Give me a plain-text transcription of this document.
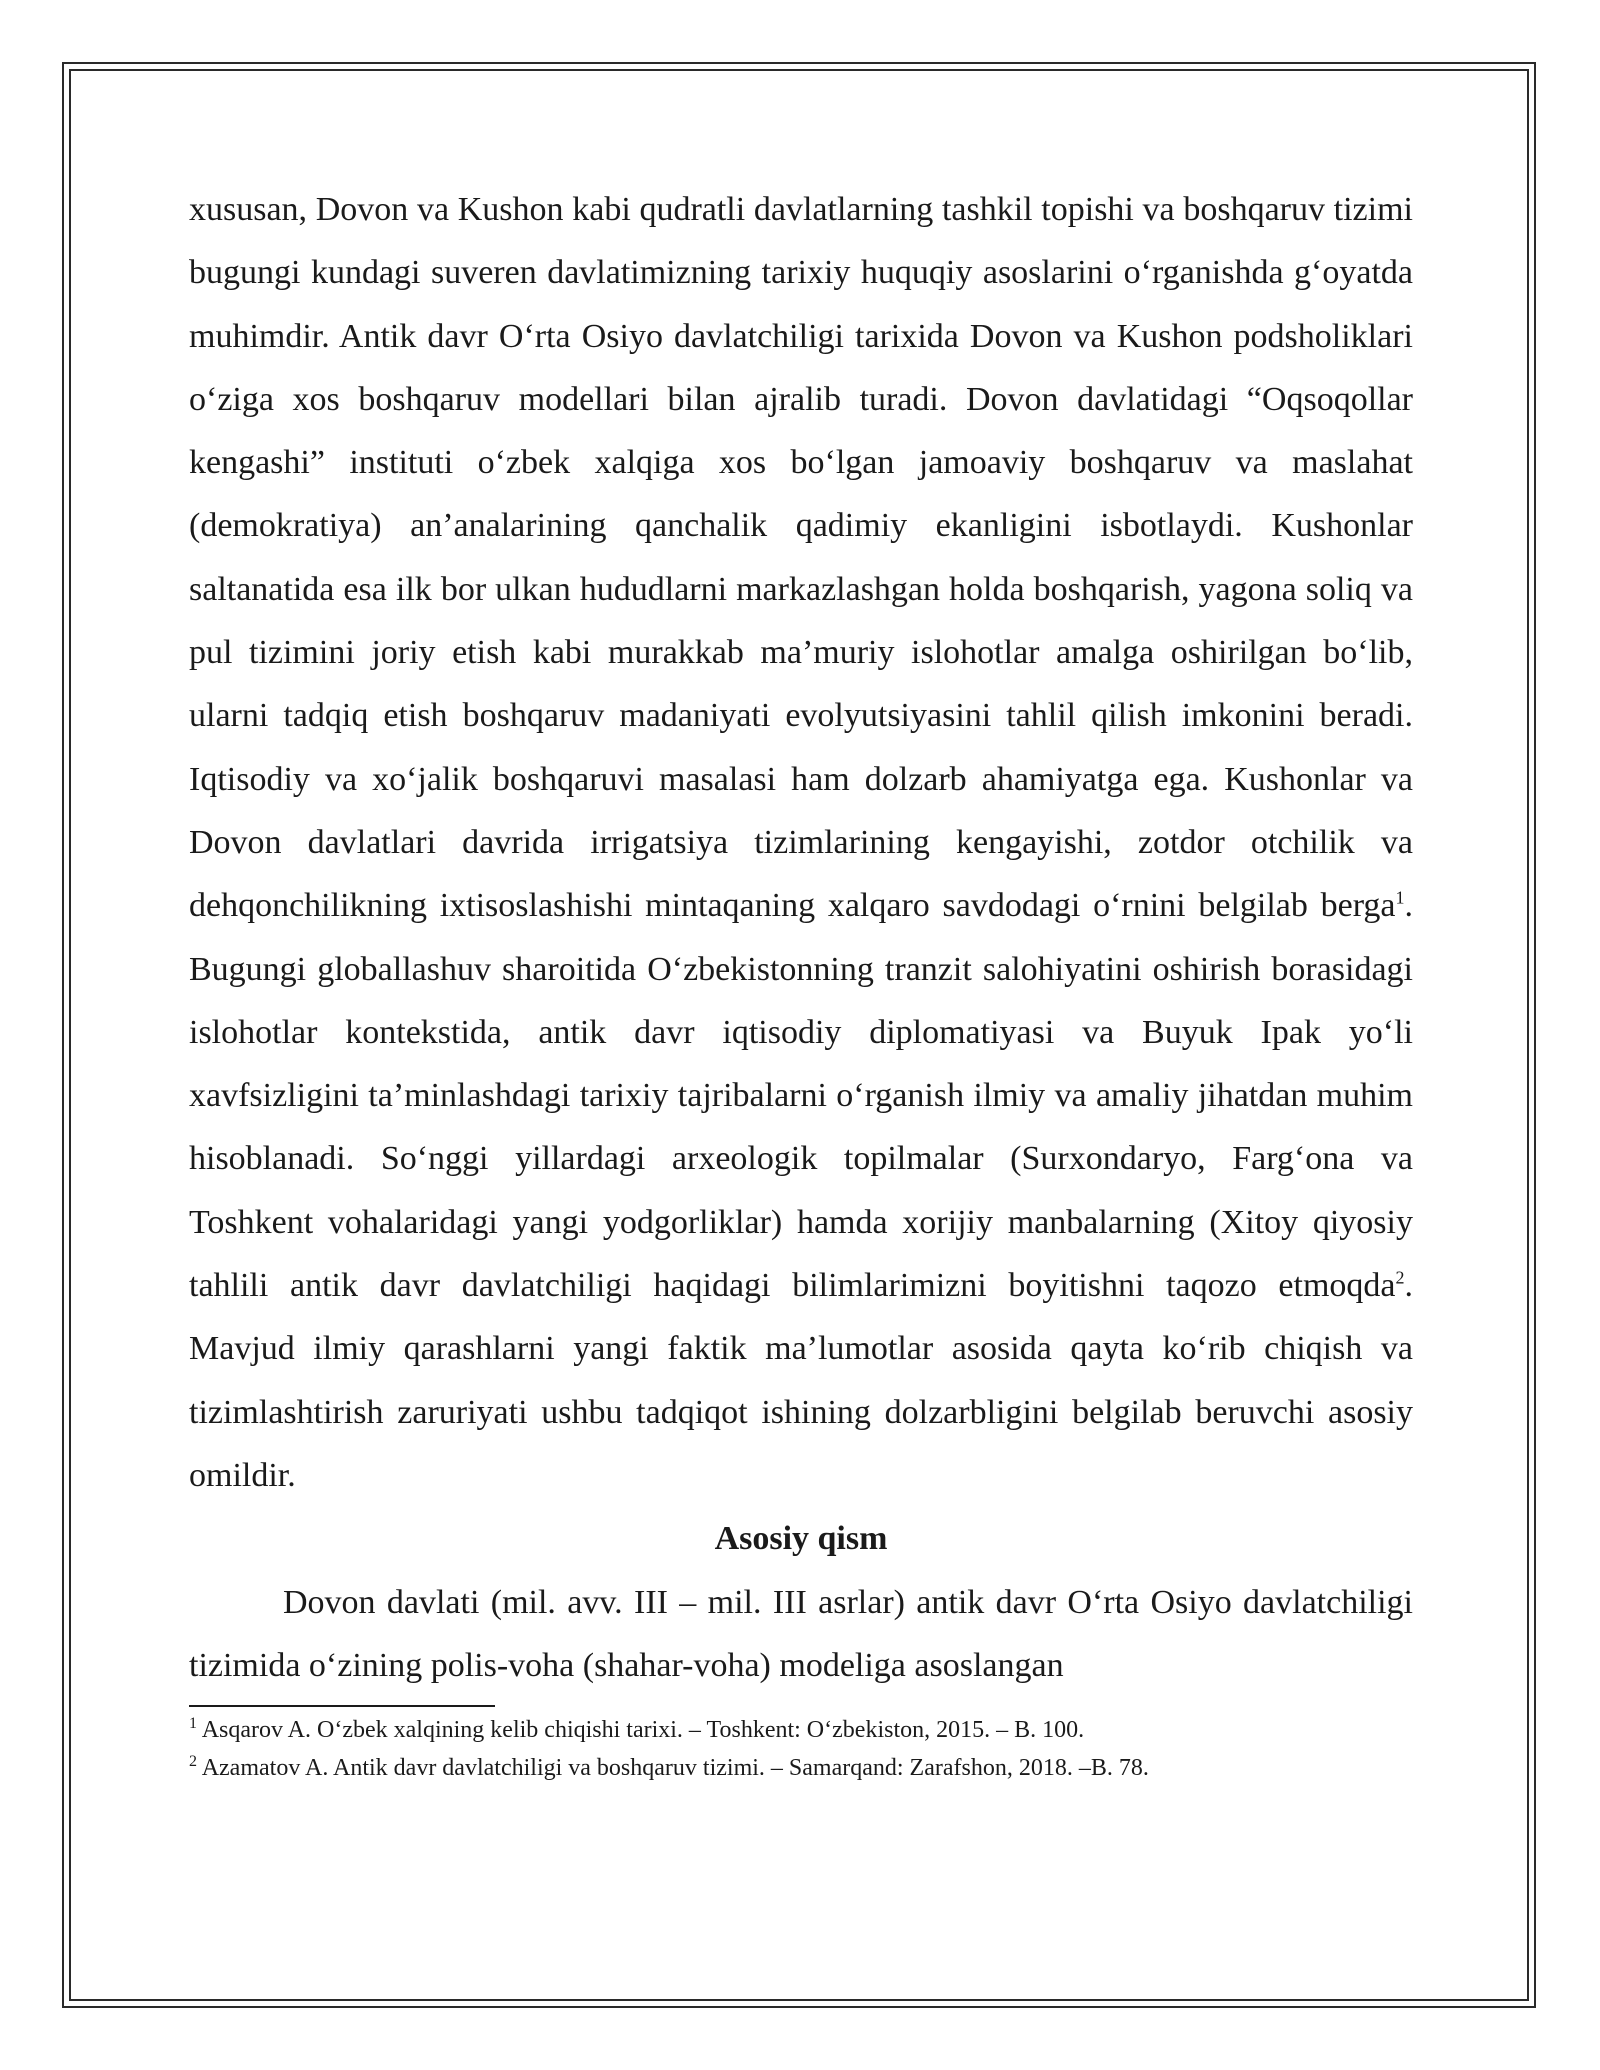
xususan, Dovon va Kushon kabi qudratli davlatlarning tashkil topishi va boshqaruv tizimi bugungi kundagi suveren davlatimizning tarixiy huquqiy asoslarini oʻrganishda gʻoyatda muhimdir. Antik davr Oʻrta Osiyo davlatchiligi tarixida Dovon va Kushon podsholiklari oʻziga xos boshqaruv modellari bilan ajralib turadi. Dovon davlatidagi “Oqsoqollar kengashi” instituti oʻzbek xalqiga xos boʻlgan jamoaviy boshqaruv va maslahat (demokratiya) an’analarining qanchalik qadimiy ekanligini isbotlaydi. Kushonlar saltanatida esa ilk bor ulkan hududlarni markazlashgan holda boshqarish, yagona soliq va pul tizimini joriy etish kabi murakkab ma’muriy islohotlar amalga oshirilgan boʻlib, ularni tadqiq etish boshqaruv madaniyati evolyutsiyasini tahlil qilish imkonini beradi. Iqtisodiy va xoʻjalik boshqaruvi masalasi ham dolzarb ahamiyatga ega. Kushonlar va Dovon davlatlari davrida irrigatsiya tizimlarining kengayishi, zotdor otchilik va dehqonchilikning ixtisoslashishi mintaqaning xalqaro savdodagi oʻrnini belgilab berga$^1$. Bugungi globallashuv sharoitida Oʻzbekistonning tranzit salohiyatini oshirish borasidagi islohotlar kontekstida, antik davr iqtisodiy diplomatiyasi va Buyuk Ipak yoʻli xavfsizligini ta’minlashdagi tarixiy tajribalarni oʻrganish ilmiy va amaliy jihatdan muhim hisoblanadi. Soʻnggi yillardagi arxeologik topilmalar (Surxondaryo, Fargʻona va Toshkent vohalaridagi yangi yodgorliklar) hamda xorijiy manbalarning (Xitoy qiyosiy tahlili antik davr davlatchiligi haqidagi bilimlarimizni boyitishni taqozo etmoqda$^2$. Mavjud ilmiy qarashlarni yangi faktik ma’lumotlar asosida qayta koʻrib chiqish va tizimlashtirish zaruriyati ushbu tadqiqot ishining dolzarbligini belgilab beruvchi asosiy omildir.

Asosiy qism

Dovon davlati (mil. avv. III – mil. III asrlar) antik davr Oʻrta Osiyo davlatchiligi tizimida oʻzining polis-voha (shahar-voha) modeliga asoslangan

$^1$ Asqarov A. Oʻzbek xalqining kelib chiqishi tarixi. – Toshkent: Oʻzbekiston, 2015. – B. 100.

$^2$ Azamatov A. Antik davr davlatchiligi va boshqaruv tizimi. – Samarqand: Zarafshon, 2018. –B. 78.
